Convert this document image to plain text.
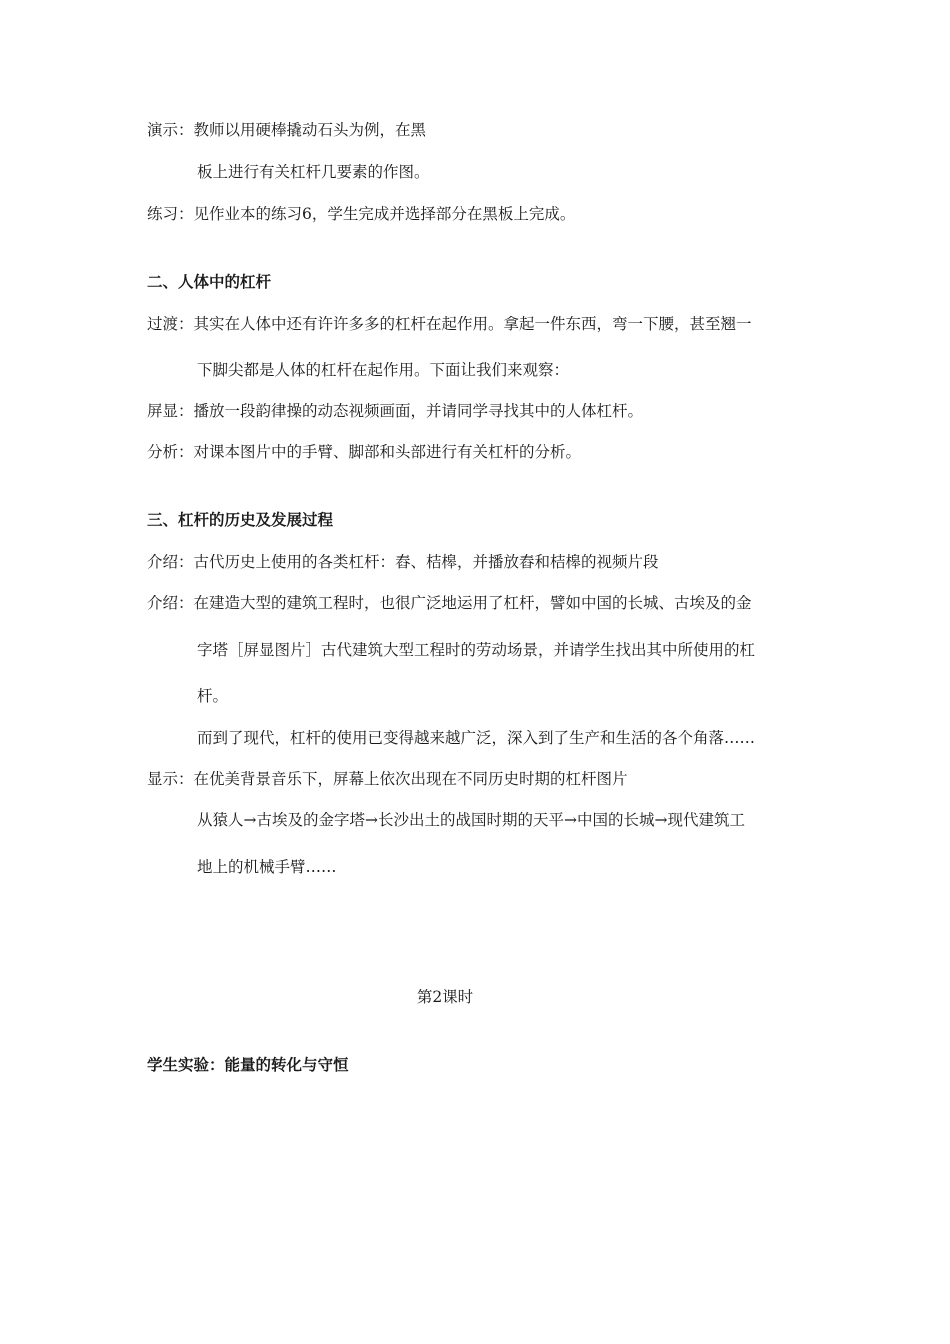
演示：教师以用硬棒撬动石头为例，在黑
板上进行有关杠杆几要素的作图。
练习：见作业本的练习6，学生完成并选择部分在黑板上完成。
二、人体中的杠杆
过渡：其实在人体中还有许许多多的杠杆在起作用。拿起一件东西，弯一下腰，甚至翘一
下脚尖都是人体的杠杆在起作用。下面让我们来观察：
屏显：播放一段韵律操的动态视频画面，并请同学寻找其中的人体杠杆。
分析：对课本图片中的手臂、脚部和头部进行有关杠杆的分析。
三、杠杆的历史及发展过程
介绍：古代历史上使用的各类杠杆：舂、桔槔，并播放舂和桔槔的视频片段
介绍：在建造大型的建筑工程时，也很广泛地运用了杠杆，譬如中国的长城、古埃及的金
字塔［屏显图片］古代建筑大型工程时的劳动场景，并请学生找出其中所使用的杠
杆。
而到了现代，杠杆的使用已变得越来越广泛，深入到了生产和生活的各个角落……
显示：在优美背景音乐下，屏幕上依次出现在不同历史时期的杠杆图片
从猿人→古埃及的金字塔→长沙出土的战国时期的天平→中国的长城→现代建筑工
地上的机械手臂……
第2课时
学生实验：能量的转化与守恒
